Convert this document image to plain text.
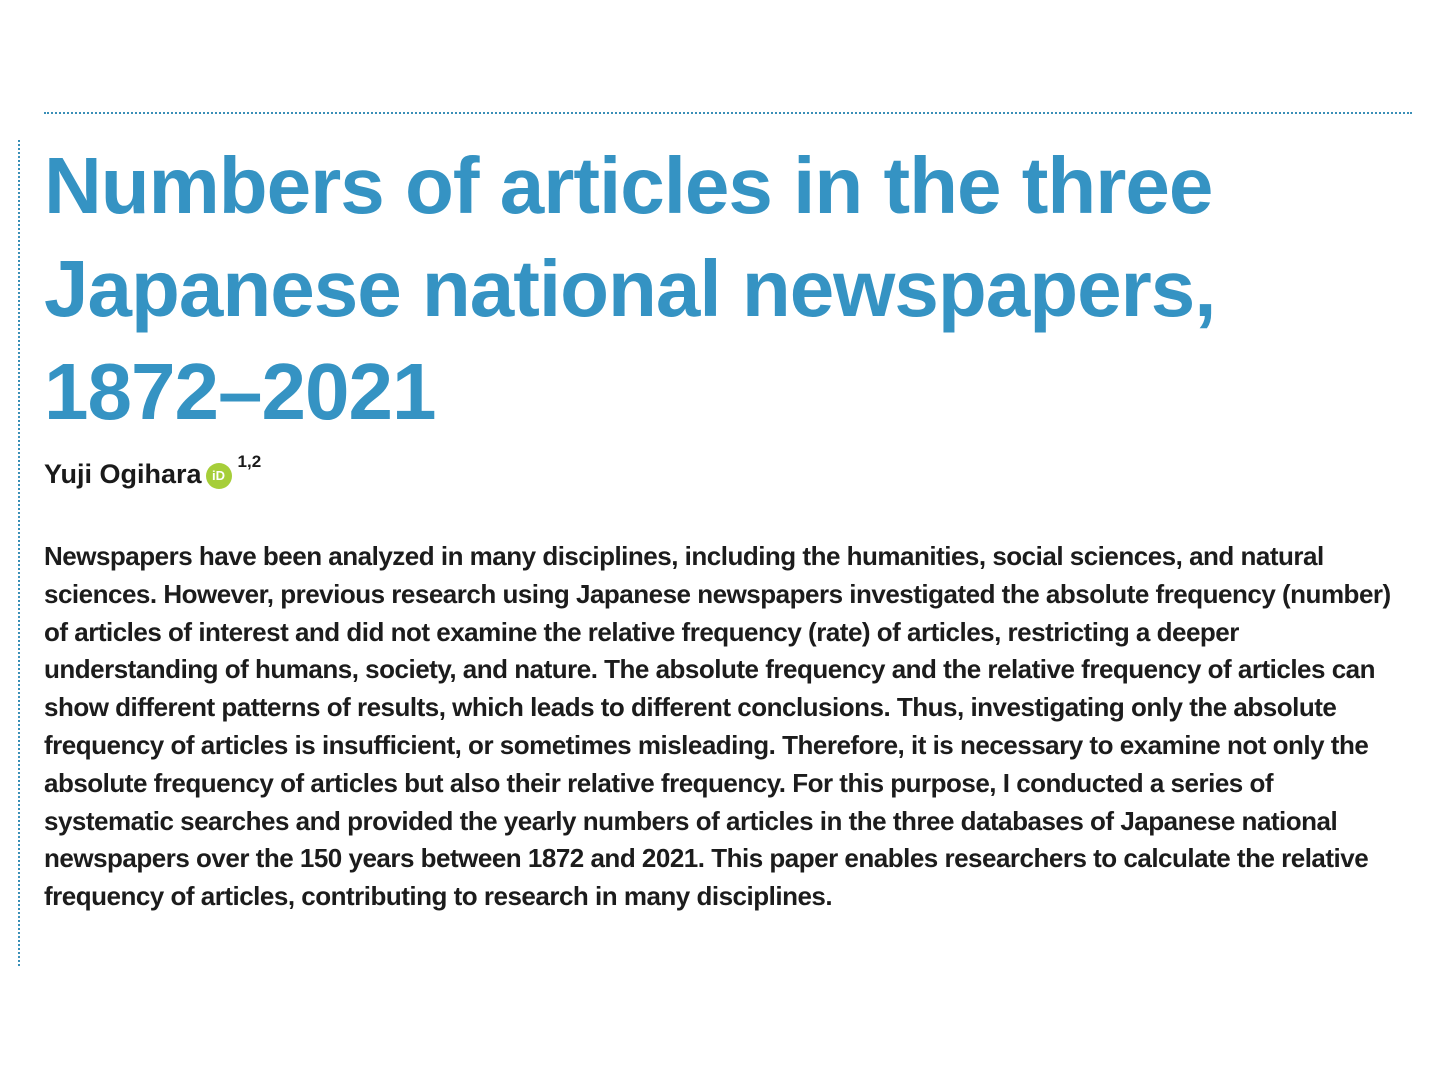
Numbers of articles in the three Japanese national newspapers, 1872–2021
Yuji Ogihara iD
1,2

Newspapers have been analyzed in many disciplines, including the humanities, social sciences, and natural sciences. However, previous research using Japanese newspapers investigated the absolute frequency (number) of articles of interest and did not examine the relative frequency (rate) of articles, restricting a deeper understanding of humans, society, and nature. The absolute frequency and the relative frequency of articles can show different patterns of results, which leads to different conclusions. Thus, investigating only the absolute frequency of articles is insufficient, or sometimes misleading. Therefore, it is necessary to examine not only the absolute frequency of articles but also their relative frequency. For this purpose, I conducted a series of systematic searches and provided the yearly numbers of articles in the three databases of Japanese national newspapers over the 150 years between 1872 and 2021. This paper enables researchers to calculate the relative frequency of articles, contributing to research in many disciplines.
